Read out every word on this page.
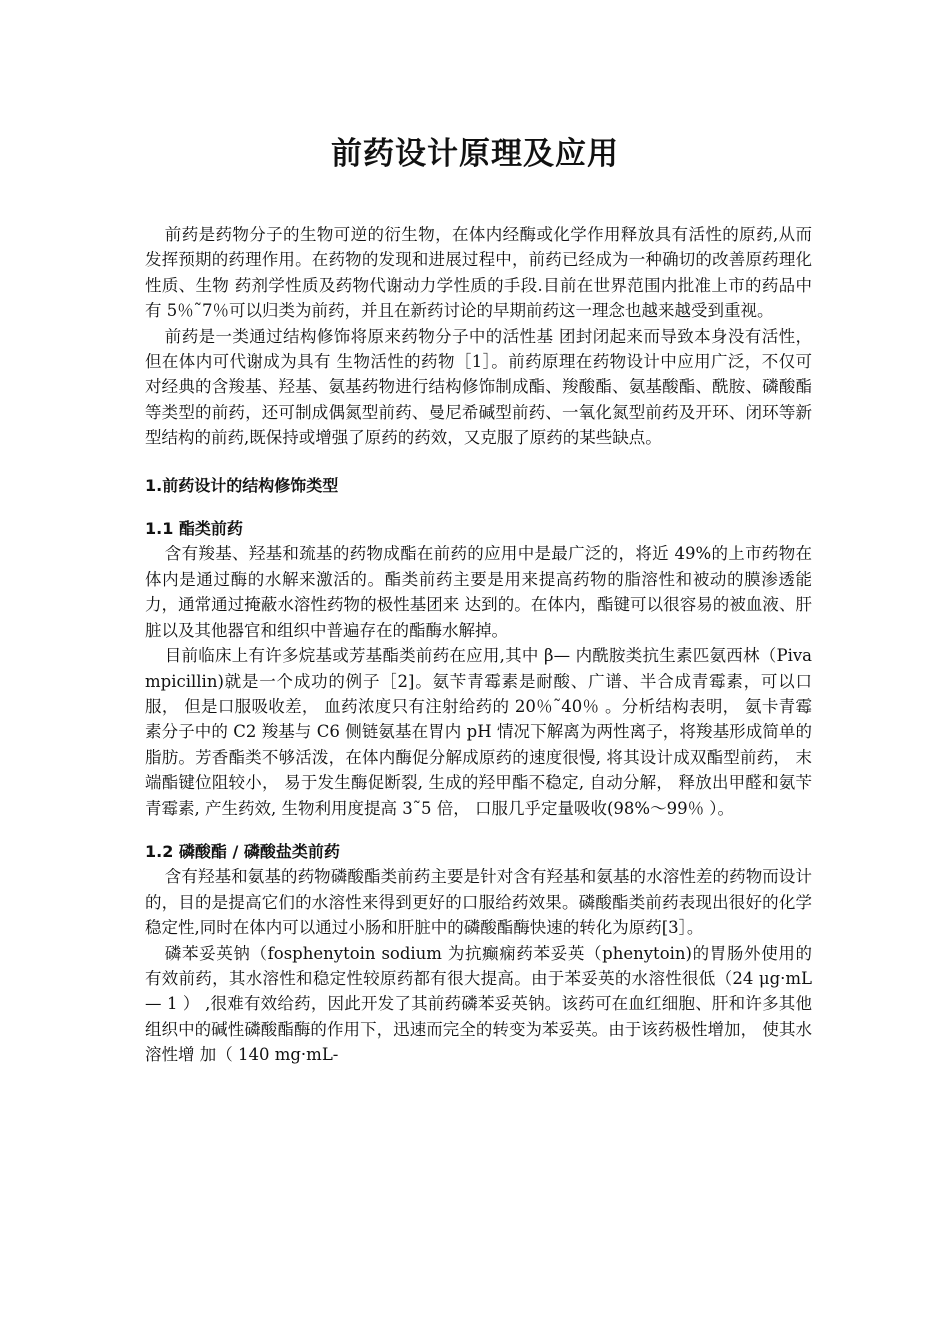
前药设计原理及应用

前药是药物分子的生物可逆的衍生物，在体内经酶或化学作用释放具有活性的原药,从而发挥预期的药理作用。在药物的发现和进展过程中，前药已经成为一种确切的改善原药理化性质、生物 药剂学性质及药物代谢动力学性质的手段.目前在世界范围内批准上市的药品中有 5％˜7％可以归类为前药，并且在新药讨论的早期前药这一理念也越来越受到重视。

前药是一类通过结构修饰将原来药物分子中的活性基 团封闭起来而导致本身没有活性，但在体内可代谢成为具有 生物活性的药物［1］。前药原理在药物设计中应用广泛，不仅可对经典的含羧基、羟基、氨基药物进行结构修饰制成酯、羧酸酯、氨基酸酯、酰胺、磷酸酯等类型的前药，还可制成偶氮型前药、曼尼希碱型前药、一氧化氮型前药及开环、闭环等新型结构的前药,既保持或增强了原药的药效，又克服了原药的某些缺点。

1.前药设计的结构修饰类型

1.1 酯类前药

含有羧基、羟基和巯基的药物成酯在前药的应用中是最广泛的，将近 49%的上市药物在体内是通过酶的水解来激活的。酯类前药主要是用来提高药物的脂溶性和被动的膜渗透能力，通常通过掩蔽水溶性药物的极性基团来 达到的。在体内，酯键可以很容易的被血液、肝脏以及其他器官和组织中普遍存在的酯酶水解掉。

目前临床上有许多烷基或芳基酯类前药在应用,其中 β— 内酰胺类抗生素匹氨西林（Pivampicillin)就是一个成功的例子［2]。氨苄青霉素是耐酸、广谱、半合成青霉素，可以口服， 但是口服吸收差， 血药浓度只有注射给药的 20％˜40％ 。分析结构表明， 氨卡青霉素分子中的 C2 羧基与 C6 侧链氨基在胃内 pH 情况下解离为两性离子，将羧基形成简单的脂肪。芳香酯类不够活泼，在体内酶促分解成原药的速度很慢, 将其设计成双酯型前药， 末端酯键位阻较小， 易于发生酶促断裂, 生成的羟甲酯不稳定, 自动分解， 释放出甲醛和氨苄青霉素, 产生药效, 生物利用度提高 3˜5 倍， 口服几乎定量吸收(98%～99％ ）。

1.2 磷酸酯 / 磷酸盐类前药

含有羟基和氨基的药物磷酸酯类前药主要是针对含有羟基和氨基的水溶性差的药物而设计的，目的是提高它们的水溶性来得到更好的口服给药效果。磷酸酯类前药表现出很好的化学稳定性,同时在体内可以通过小肠和肝脏中的磷酸酯酶快速的转化为原药[3］。

磷苯妥英钠（fosphenytoin sodium 为抗癫痫药苯妥英（phenytoin)的胃肠外使用的有效前药，其水溶性和稳定性较原药都有很大提高。由于苯妥英的水溶性很低（24 μg·mL— 1 ） ,很难有效给药，因此开发了其前药磷苯妥英钠。该药可在血红细胞、肝和许多其他组织中的碱性磷酸酯酶的作用下，迅速而完全的转变为苯妥英。由于该药极性增加， 使其水溶性增 加（ 140 mg·mL-
